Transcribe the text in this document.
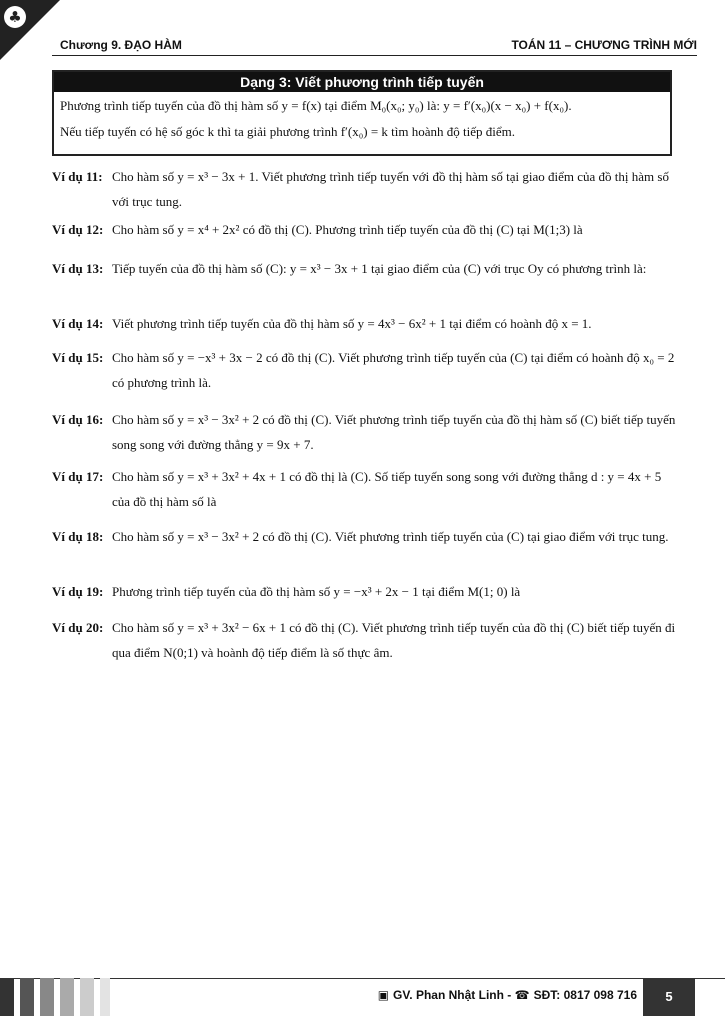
♣
Chương 9. ĐẠO HÀM	TOÁN 11 – CHƯƠNG TRÌNH MỚI
Dạng 3: Viết phương trình tiếp tuyến
Phương trình tiếp tuyến của đồ thị hàm số y = f(x) tại điểm M₀(x₀; y₀) là: y = f′(x₀)(x − x₀) + f(x₀).
Nếu tiếp tuyến có hệ số góc k thì ta giải phương trình f′(x₀) = k tìm hoành độ tiếp điểm.
Ví dụ 11: Cho hàm số y = x³ − 3x + 1. Viết phương trình tiếp tuyến với đồ thị hàm số tại giao điểm của đồ thị hàm số với trục tung.
Ví dụ 12: Cho hàm số y = x⁴ + 2x² có đồ thị (C). Phương trình tiếp tuyến của đồ thị (C) tại M(1;3) là
Ví dụ 13: Tiếp tuyến của đồ thị hàm số (C): y = x³ − 3x + 1 tại giao điểm của (C) với trục Oy có phương trình là:
Ví dụ 14: Viết phương trình tiếp tuyến của đồ thị hàm số y = 4x³ − 6x² + 1 tại điểm có hoành độ x = 1.
Ví dụ 15: Cho hàm số y = −x³ + 3x − 2 có đồ thị (C). Viết phương trình tiếp tuyến của (C) tại điểm có hoành độ x₀ = 2 có phương trình là.
Ví dụ 16: Cho hàm số y = x³ − 3x² + 2 có đồ thị (C). Viết phương trình tiếp tuyến của đồ thị hàm số (C) biết tiếp tuyến song song với đường thẳng y = 9x + 7.
Ví dụ 17: Cho hàm số y = x³ + 3x² + 4x + 1 có đồ thị là (C). Số tiếp tuyến song song với đường thẳng d : y = 4x + 5 của đồ thị hàm số là
Ví dụ 18: Cho hàm số y = x³ − 3x² + 2 có đồ thị (C). Viết phương trình tiếp tuyến của (C) tại giao điểm với trục tung.
Ví dụ 19: Phương trình tiếp tuyến của đồ thị hàm số y = −x³ + 2x − 1 tại điểm M(1; 0) là
Ví dụ 20: Cho hàm số y = x³ + 3x² − 6x + 1 có đồ thị (C). Viết phương trình tiếp tuyến của đồ thị (C) biết tiếp tuyến đi qua điểm N(0;1) và hoành độ tiếp điểm là số thực âm.
▣ GV. Phan Nhật Linh - ☎ SĐT: 0817 098 716	5
